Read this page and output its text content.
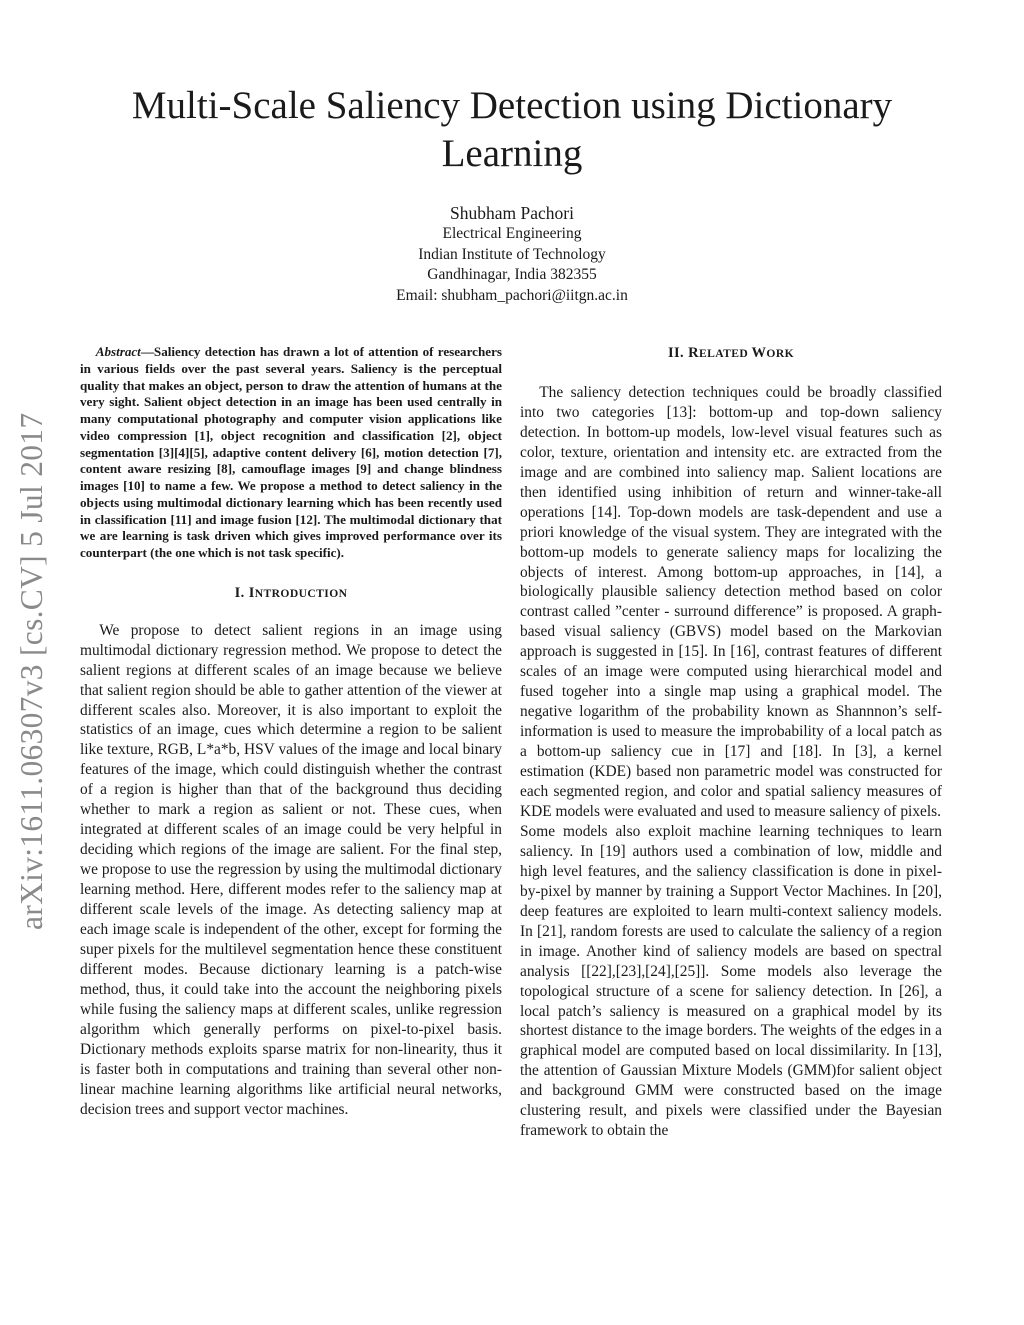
arXiv:1611.06307v3 [cs.CV] 5 Jul 2017
Multi-Scale Saliency Detection using Dictionary Learning
Shubham Pachori
Electrical Engineering
Indian Institute of Technology
Gandhinagar, India 382355
Email: shubham_pachori@iitgn.ac.in

Abstract—Saliency detection has drawn a lot of attention of researchers in various fields over the past several years. Saliency is the perceptual quality that makes an object, person to draw the attention of humans at the very sight. Salient object detection in an image has been used centrally in many computational photography and computer vision applications like video compression [1], object recognition and classification [2], object segmentation [3][4][5], adaptive content delivery [6], motion detection [7], content aware resizing [8], camouflage images [9] and change blindness images [10] to name a few. We propose a method to detect saliency in the objects using multimodal dictionary learning which has been recently used in classification [11] and image fusion [12]. The multimodal dictionary that we are learning is task driven which gives improved performance over its counterpart (the one which is not task specific).

I. INTRODUCTION

We propose to detect salient regions in an image using multimodal dictionary regression method. We propose to detect the salient regions at different scales of an image because we believe that salient region should be able to gather attention of the viewer at different scales also. Moreover, it is also important to exploit the statistics of an image, cues which determine a region to be salient like texture, RGB, L*a*b, HSV values of the image and local binary features of the image, which could distinguish whether the contrast of a region is higher than that of the background thus deciding whether to mark a region as salient or not. These cues, when integrated at different scales of an image could be very helpful in deciding which regions of the image are salient. For the final step, we propose to use the regression by using the multimodal dictionary learning method. Here, different modes refer to the saliency map at different scale levels of the image. As detecting saliency map at each image scale is independent of the other, except for forming the super pixels for the multilevel segmentation hence these constituent different modes. Because dictionary learning is a patch-wise method, thus, it could take into the account the neighboring pixels while fusing the saliency maps at different scales, unlike regression algorithm which generally performs on pixel-to-pixel basis. Dictionary methods exploits sparse matrix for non-linearity, thus it is faster both in computations and training than several other non-linear machine learning algorithms like artificial neural networks, decision trees and support vector machines.

II. RELATED WORK

The saliency detection techniques could be broadly classified into two categories [13]: bottom-up and top-down saliency detection. In bottom-up models, low-level visual features such as color, texture, orientation and intensity etc. are extracted from the image and are combined into saliency map. Salient locations are then identified using inhibition of return and winner-take-all operations [14]. Top-down models are task-dependent and use a priori knowledge of the visual system. They are integrated with the bottom-up models to generate saliency maps for localizing the objects of interest. Among bottom-up approaches, in [14], a biologically plausible saliency detection method based on color contrast called ”center - surround difference” is proposed. A graph-based visual saliency (GBVS) model based on the Markovian approach is suggested in [15]. In [16], contrast features of different scales of an image were computed using hierarchical model and fused togeher into a single map using a graphical model. The negative logarithm of the probability known as Shannnon’s self-information is used to measure the improbability of a local patch as a bottom-up saliency cue in [17] and [18]. In [3], a kernel estimation (KDE) based non parametric model was constructed for each segmented region, and color and spatial saliency measures of KDE models were evaluated and used to measure saliency of pixels.

Some models also exploit machine learning techniques to learn saliency. In [19] authors used a combination of low, middle and high level features, and the saliency classification is done in pixel-by-pixel by manner by training a Support Vector Machines. In [20], deep features are exploited to learn multi-context saliency models. In [21], random forests are used to calculate the saliency of a region in image. Another kind of saliency models are based on spectral analysis [[22],[23],[24],[25]]. Some models also leverage the topological structure of a scene for saliency detection. In [26], a local patch’s saliency is measured on a graphical model by its shortest distance to the image borders. The weights of the edges in a graphical model are computed based on local dissimilarity. In [13], the attention of Gaussian Mixture Models (GMM)for salient object and background GMM were constructed based on the image clustering result, and pixels were classified under the Bayesian framework to obtain the
